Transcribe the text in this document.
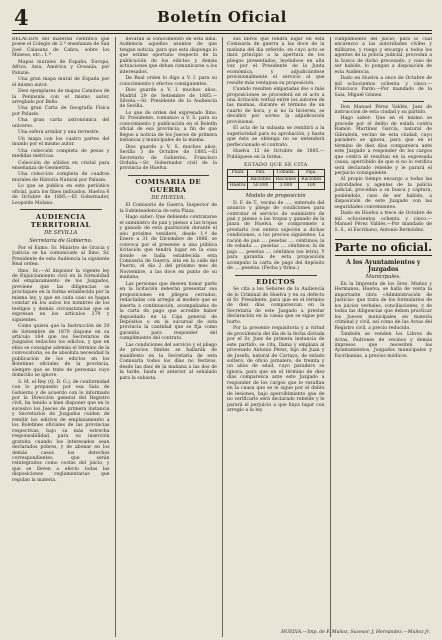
4	Boletín Oficial

RELACION del material científico que posee el Colegio de 2.ª enseñanza de San José Calasanz de Cabra, sobre los Museos, etc.: 1.ª

Mapas murales de España, Europa, Africa, Asia, América y Oceanía, por Paluzie.

Una gran mapa mural de España por el mismo autor.

Diez ejemplares de mapas Caminos de la Península con el mismo autor, arreglado por Bello.

Una gran Carta de Geografía Física por Paluzie.

Una gran carta astronómica del universo.

Una esfera armilar y una terrestre.

Un mapa con los cuatro partes del mundo por el mismo autor.

Una colección completa de pesas y medidas métricas.

Colección de sólidos en cristal para enseñanza de Geometría.

Una colección completa de cuadros murales de Historia Natural por Paluzie.

Lo que se publica en este periódico oficial, para los fines indicados. Huelva 6 de Octubre de 1885.—El Gobernador, Leopoldo Molano.

AUDIENCIA TERRITORIAL
DE SEVILLA
Secretaría de Gobierno.

Por el Exmo. Sr. Ministro de Gracia y Justicia se ha comunicado al Ilmo. Sr. Presidente de esta Audiencia la siguiente Real orden:

Ilmo. Sr.:—Al disponer la vigente ley de Enjuiciamiento civil en la formalidad del emplazamiento de los Juzgados, previene que las diligencias se practiquen en la forma establecida por la misma ley, y que en cada caso se hagan constar en los autos los nombres de los testigos y demás circunstancias que se expresan en los artículos 279 y siguientes.

Como quiera que la Instrucción de 30 de Setiembre de 1870 dispone en su artículo 164 que los Secretarios de Juzgados redacten los edictos, y que en ellos se consigne además el término de la convocatoria, es de absoluta necesidad la publicación de los edictos en los Boletines oficiales de la provincia, siempre que se trate de personas cuyo domicilio se ignore.

S. M. el Rey (Q. D. G.), de conformidad con lo propuesto por esa Sala de Gobierno y de acuerdo con lo informado por la Dirección general del Registro civil, ha tenido a bien disponer que en lo sucesivo los Jueces de primera instancia y Secretarios de Juzgados cuiden de remitir los edictos de emplazamiento a los Boletines oficiales de las provincias respectivas, bajo su más estrecha responsabilidad, para su inserción gratuita cuando los interesados sean declarados pobres, y de abonar en los demás casos los derechos correspondientes, que serán reintegrados como costas del juicio, y que se lleven a efecto todas las disposiciones reglamentarias que regulan la materia.

llevarán al conocimiento de esta Ilma. Audiencia aquellos asuntos de que tengan noticia, para que esta disponga lo que estime oportuno respecto de la publicación de los edictos y demás actuaciones que deban comunicarse a los interesados.

De Real orden lo digo a V. I. para su conocimiento y efectos consiguientes.

Dios guarde a V. I. muchos años. Madrid 29 de Setiembre de 1885.—Silvela.—Sr. Presidente de la Audiencia de Sevilla.

Lo que de orden del expresado Ilmo. Sr. Presidente, comunico a V. S. para su conocimiento y publicación en el Boletín oficial de esa provincia, a fin de que llegue a noticia de los Jueces de primera instancia y municipales de la misma.

Dios guarde a V. S. muchos años. Sevilla 3 de Octubre de 1885.—El Secretario de Gobierno, Francisco Orduña.—Sr. Gobernador civil de la provincia de Huelva.

COMISARIA DE GUERRA
DE HUELVA.

El Comisario de Guerra, Inspector de la Subintendencia de esta Plaza.

Hago saber: Que debiendo contratarse el suministro de pan y pienso a las tropas y ganado de esta guarnición durante el año próximo venidero, desde 1.º de Enero a 31 de Diciembre de 1886, se convoca por el presente a una pública licitación que tendrá lugar en la casa donde se halla establecida esta Comisaría de Guerra, sita en la calle del Puerto, el día 2 del próximo mes de Noviembre, a las doce en punto de su mañana.

Las personas que deseen tomar parte en la licitación deberán presentar sus proposiciones en pliegos cerrados, redactadas con arreglo al modelo que se inserta a continuación, acompañadas de la carta de pago que acredite haber depositado en la Caja general de Depósitos o en la sucursal de esta provincia la cantidad que se fija como garantía para responder del cumplimiento del contrato.

Las condiciones del servicio y el pliego de precios límites se hallarán de manifiesto en la Secretaría de esta Comisaría todos los días no festivos, desde las diez de la mañana a las dos de la tarde, hasta el anterior al señalado para la subasta.

sus libros que tendrá lugar en esta Comisaría de guerra a las doce de la mañana del día referido, en cuyo acto se dará principio a la apertura de los pliegos presentados, leyéndose en alta voz por el Presidente de la Junta económica, y adjudicándose provisionalmente el servicio al que resulte más ventajosa su proposición.

Cuando resulten empatadas dos o más proposiciones se procederá en el acto a una licitación verbal entre los autores de las mismas, durante el término de un cuarto de hora, y si no la hicieren, se decidirá por sorteo la adjudicación provisional.

El acta de la subasta se remitirá a la superioridad para su aprobación, y hasta que ésta se obtenga no se entenderá perfeccionado el contrato.

Huelva 12 de Octubre de 1885.—Publíquese en la forma.

ESTADO QUE SE CITA
Plaza	Pan.	Cebada.	Paja.
	Raciones	Raciones	Raciones
Huelva	50.000	3.000	100
Modelo de proposición

D. F. de T., vecino de ...., enterado del anuncio y pliego de condiciones para contratar el servicio de suministro de pan y pienso a las tropas y ganado de la plaza de Huelva, se compromete a prestarlo con entera sujeción a dichas condiciones, a los precios siguientes: La ración de pan .... pesetas .... céntimos; la de cebada .... pesetas .... céntimos; la de paja .... pesetas .... céntimos (en letra). Y para garantía de esta proposición acompaño la carta de pago del depósito de .... pesetas. (Fecha y firma.)

EDICTOS

Se cita a los Señores de la Audiencia de lo Criminal de Huelva y en su defecto el Sr. Presidente, para que en el término de diez días comparezcan en la Secretaría de este Juzgado a prestar declaración en la causa que se sigue por hurto.

Por la presente requisitoria y a virtud de providencia del día de la fecha dictada por el Sr. Juez de primera instancia de este partido, se cita, llama y emplaza al procesado Antonio Pérez, hijo de Juan y de Josefa, natural de Cartaya, de estado soltero, de oficio jornalero, de treinta y un años de edad, cuyo paradero se ignora, para que en el término de diez días comparezca ante este Juzgado a responder de los cargos que le resultan en la causa que se le sigue por el delito de lesiones, bajo apercibimiento que de no verificarlo será declarado rebelde y le parará el perjuicio a que haya lugar con arreglo a la ley.

cumplimiento del juicio; para lo cual encarezco a las autoridades civiles y militares, y ruego y encargo a todos los agentes de la policía judicial, procedan a la busca de dicho procesado, y caso de ser habido, lo pongan a disposición de esta Audiencia.

Dado en Huelva a once de Octubre de mil ochocientos ochenta y cinco.—Francisco Pardo.—Por mandado de la Sala, Miguel Gómez.

Don Manuel Pérez Valdés, Juez de instrucción de esta ciudad y su partido.

Hago saber: Que en el mismo se procede por el delito de estafa contra Ramón Martínez García, natural de Gibraleón, vecino de esta ciudad, cuyo paradero se ignora, para que en el término de diez días comparezca ante este Juzgado a responder de los cargos que contra él resultan en la expresada causa, apercibido de que si no lo verifica será declarado rebelde y le parará el perjuicio consiguiente.

Al propio tiempo encargo a todas las autoridades y agentes de la policía judicial, procedan a su busca y captura, poniéndolo, caso de ser habido, a disposición de este Juzgado con las seguridades convenientes.

Dado en Huelva a trece de Octubre de mil ochocientos ochenta y cinco.—Manuel Pérez Valdés.—Por mandado de S. S., el Escribano, Antonio Bermúdez.

Parte no oficial.
A los Ayuntamientos y Juzgados
Municipales.

En la Imprenta de los Sres. Muñoz y Hermanos, Huelva, se halla de venta la importante obra «Administración de Justicia» que trata de los formularios de los juicios verbales, conciliaciones, y de todas las diligencias que deben practicar los Jueces municipales en materia criminal y civil, así como de las Actas del Registro civil, a precio reducido.

También se venden los Libros de Actas, Padrones de vecinos y demás impresos que necesiten los Ayuntamientos, Juzgados municipales y Escribanías, a precios módicos.

HUELVA.—Imp. de F. Muñoz, Sucesor. J. Hernández.—Muñoz Jr.
